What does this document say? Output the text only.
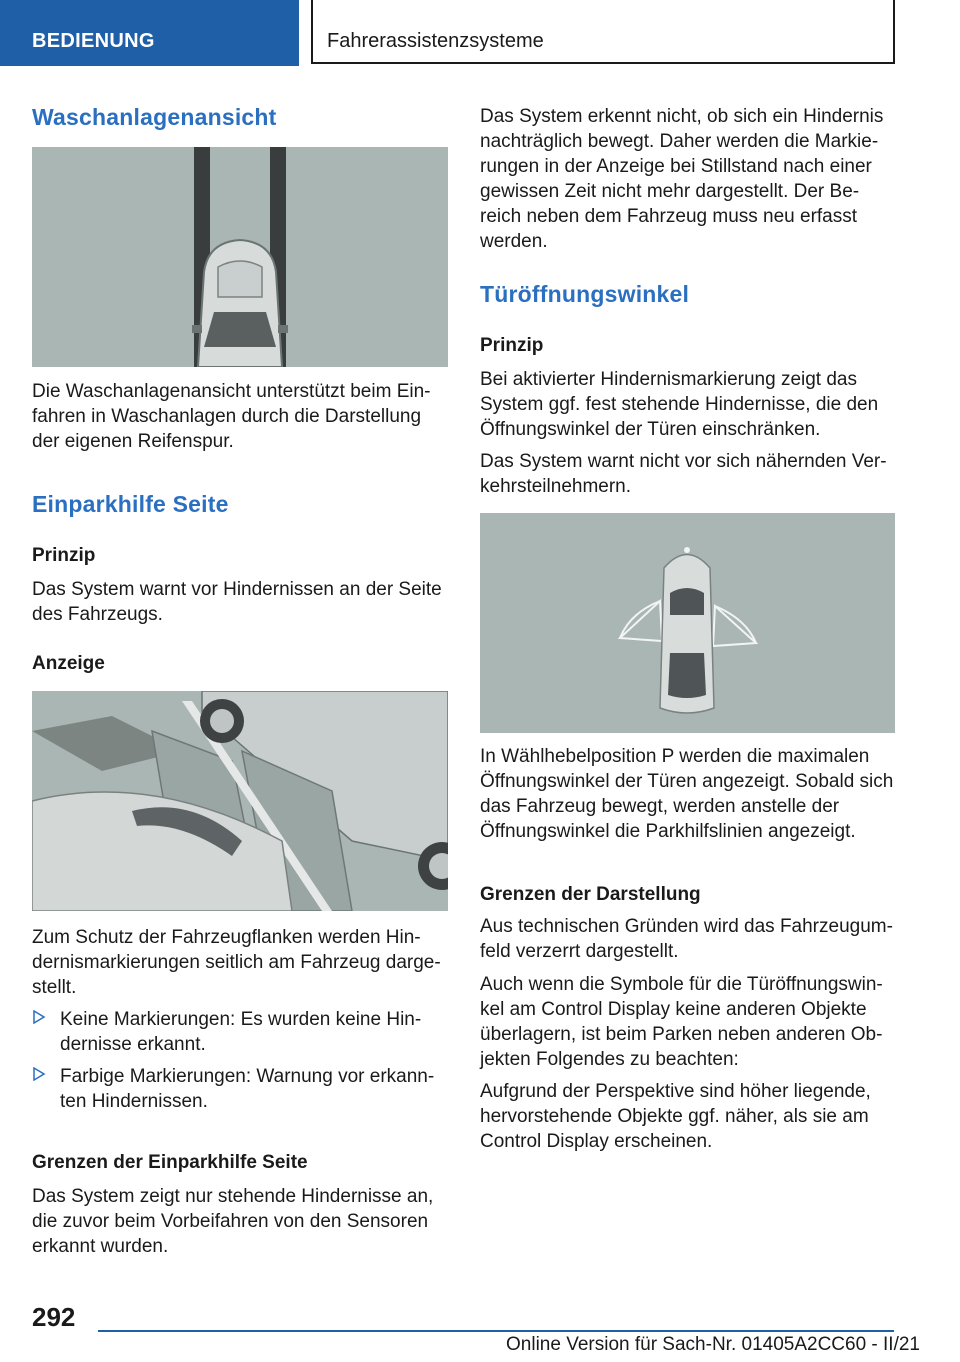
BEDIENUNG	Fahrerassistenzsysteme
Waschanlagenansicht

Die Waschanlagenansicht unterstützt beim Ein-fahren in Waschanlagen durch die Darstellung der eigenen Reifenspur.

Einparkhilfe Seite
Prinzip

Das System warnt vor Hindernissen an der Seite des Fahrzeugs.

Anzeige

Zum Schutz der Fahrzeugflanken werden Hin-dernismarkierungen seitlich am Fahrzeug darge-stellt.

Keine Markierungen: Es wurden keine Hin-dernisse erkannt.
Farbige Markierungen: Warnung vor erkann-ten Hindernissen.
Grenzen der Einparkhilfe Seite

Das System zeigt nur stehende Hindernisse an, die zuvor beim Vorbeifahren von den Sensoren erkannt wurden.

Das System erkennt nicht, ob sich ein Hindernis nachträglich bewegt. Daher werden die Markie-rungen in der Anzeige bei Stillstand nach einer gewissen Zeit nicht mehr dargestellt. Der Be-reich neben dem Fahrzeug muss neu erfasst werden.

Türöffnungswinkel
Prinzip

Bei aktivierter Hindernismarkierung zeigt das System ggf. fest stehende Hindernisse, die den Öffnungswinkel der Türen einschränken.

Das System warnt nicht vor sich nähernden Ver-kehrsteilnehmern.

In Wählhebelposition P werden die maximalen Öffnungswinkel der Türen angezeigt. Sobald sich das Fahrzeug bewegt, werden anstelle der Öffnungswinkel die Parkhilfslinien angezeigt.

Grenzen der Darstellung

Aus technischen Gründen wird das Fahrzeugum-feld verzerrt dargestellt.

Auch wenn die Symbole für die Türöffnungswin-kel am Control Display keine anderen Objekte überlagern, ist beim Parken neben anderen Ob-jekten Folgendes zu beachten:

Aufgrund der Perspektive sind höher liegende, hervorstehende Objekte ggf. näher, als sie am Control Display erscheinen.

292
Online Version für Sach-Nr. 01405A2CC60 - II/21
